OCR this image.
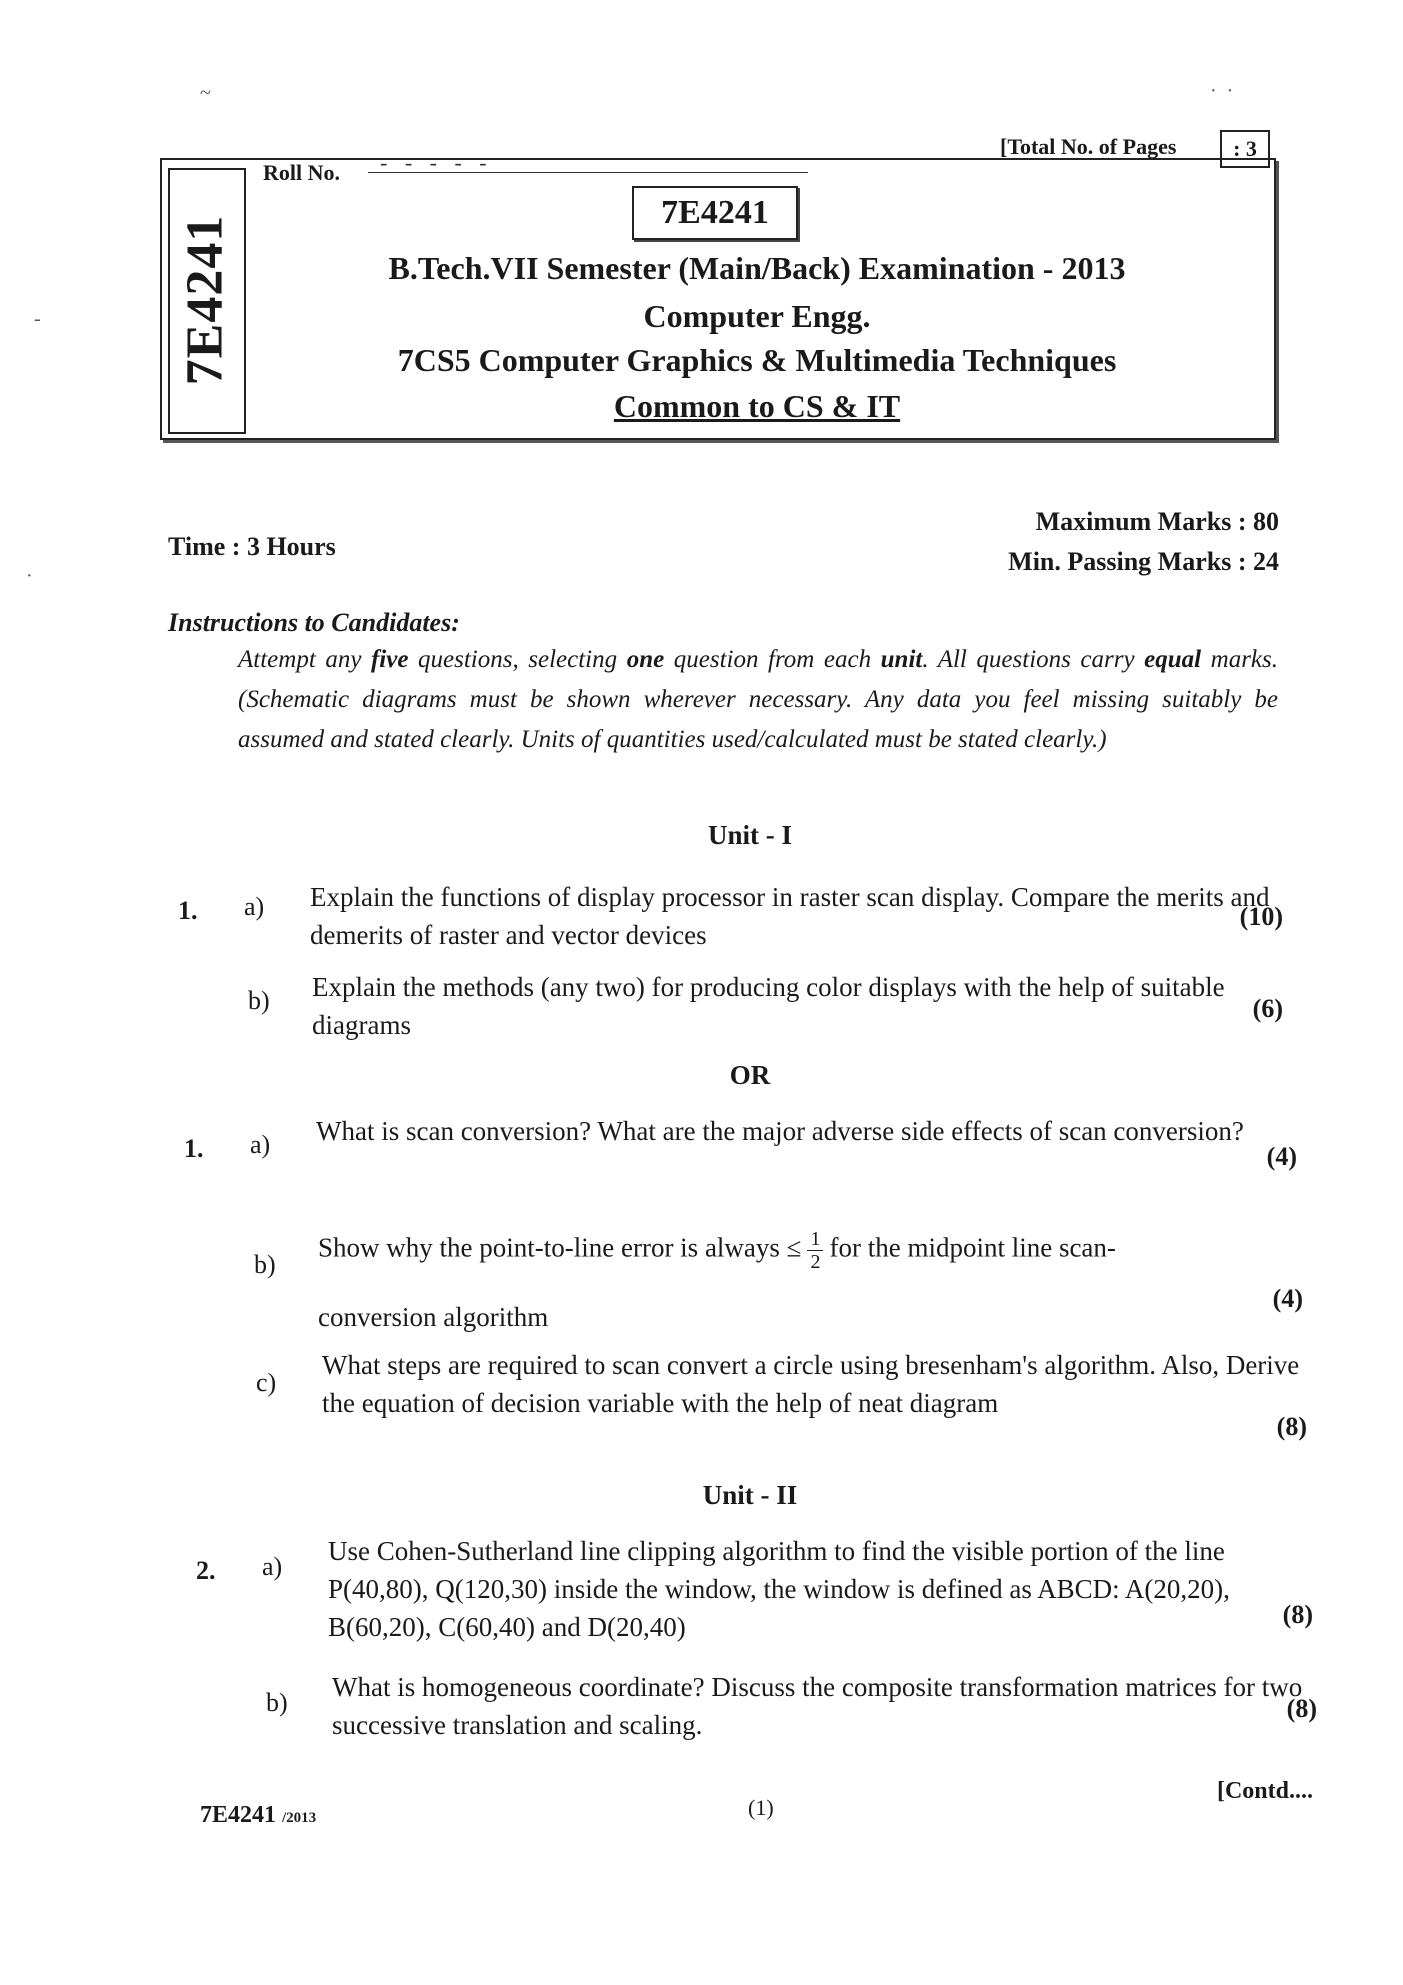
~	·  ·
-
·
7E4241
Roll No. - - - - -
[Total No. of Pages	: 3
7E4241
B.Tech.VII Semester (Main/Back) Examination - 2013
Computer Engg.
7CS5 Computer Graphics & Multimedia Techniques
Common to CS & IT
Time : 3 Hours
Maximum Marks : 80
Min. Passing Marks : 24
Instructions to Candidates:
Attempt any five questions, selecting one question from each unit. All questions carry equal marks. (Schematic diagrams must be shown wherever necessary. Any data you feel missing suitably be assumed and stated clearly. Units of quantities used/calculated must be stated clearly.)
Unit - I
1. a) Explain the functions of display processor in raster scan display. Compare the merits and demerits of raster and vector devices
(10)
b) Explain the methods (any two) for producing color displays with the help of suitable diagrams
(6)
OR
1. a) What is scan conversion? What are the major adverse side effects of scan conversion?
(4)
b)
Show why the point-to-line error is always ≤ $\frac{1}{2}$ for the midpoint line scan-
conversion algorithm
(4)
c)
What steps are required to scan convert a circle using bresenham's algorithm. Also, Derive the equation of decision variable with the help of neat diagram
(8)
Unit - II
2. a)
Use Cohen-Sutherland line clipping algorithm to find the visible portion of the line P(40,80), Q(120,30) inside the window, the window is defined as ABCD: A(20,20), B(60,20), C(60,40) and D(20,40)	(8)
b)
What is homogeneous coordinate? Discuss the composite transformation matrices for two successive translation and scaling.
(8)
7E4241 /2013	(1)
[Contd....
